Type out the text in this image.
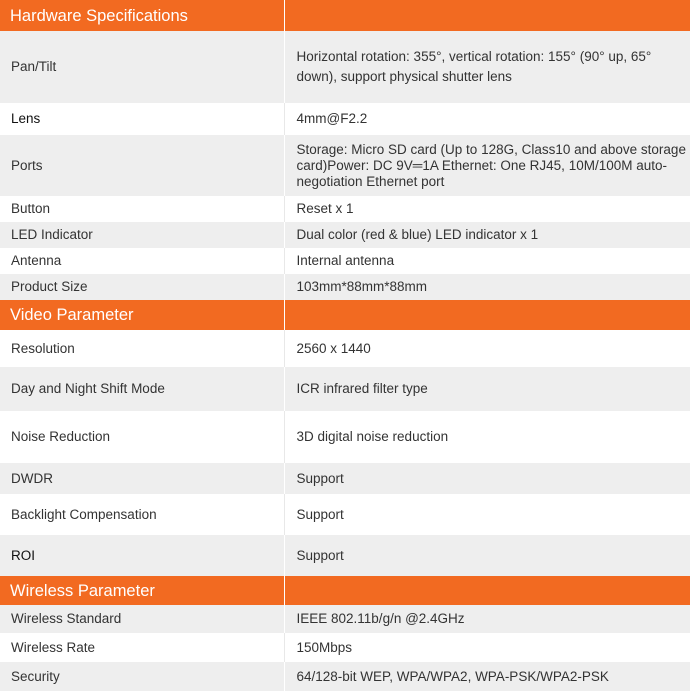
Hardware Specifications	
Pan/Tilt	Horizontal rotation: 355°, vertical rotation: 155° (90° up, 65° down), support physical shutter lens
Lens	4mm@F2.2
Ports	Storage: Micro SD card (Up to 128G, Class10 and above storage card)Power: DC 9V═​1A Ethernet: One RJ45, 10M/100M auto-negotiation Ethernet port
Button	Reset x 1
LED Indicator	Dual color (red & blue) LED indicator x 1
Antenna	Internal antenna
Product Size	103mm*88mm*88mm
Video Parameter	
Resolution	2560 x 1440
Day and Night Shift Mode	ICR infrared filter type
Noise Reduction	3D digital noise reduction
DWDR	Support
Backlight Compensation	Support
ROI	Support
Wireless Parameter	
Wireless Standard	IEEE 802.11b/g/n @2.4GHz
Wireless Rate	150Mbps
Security	64/128-bit WEP, WPA/WPA2, WPA-PSK/WPA2-PSK
